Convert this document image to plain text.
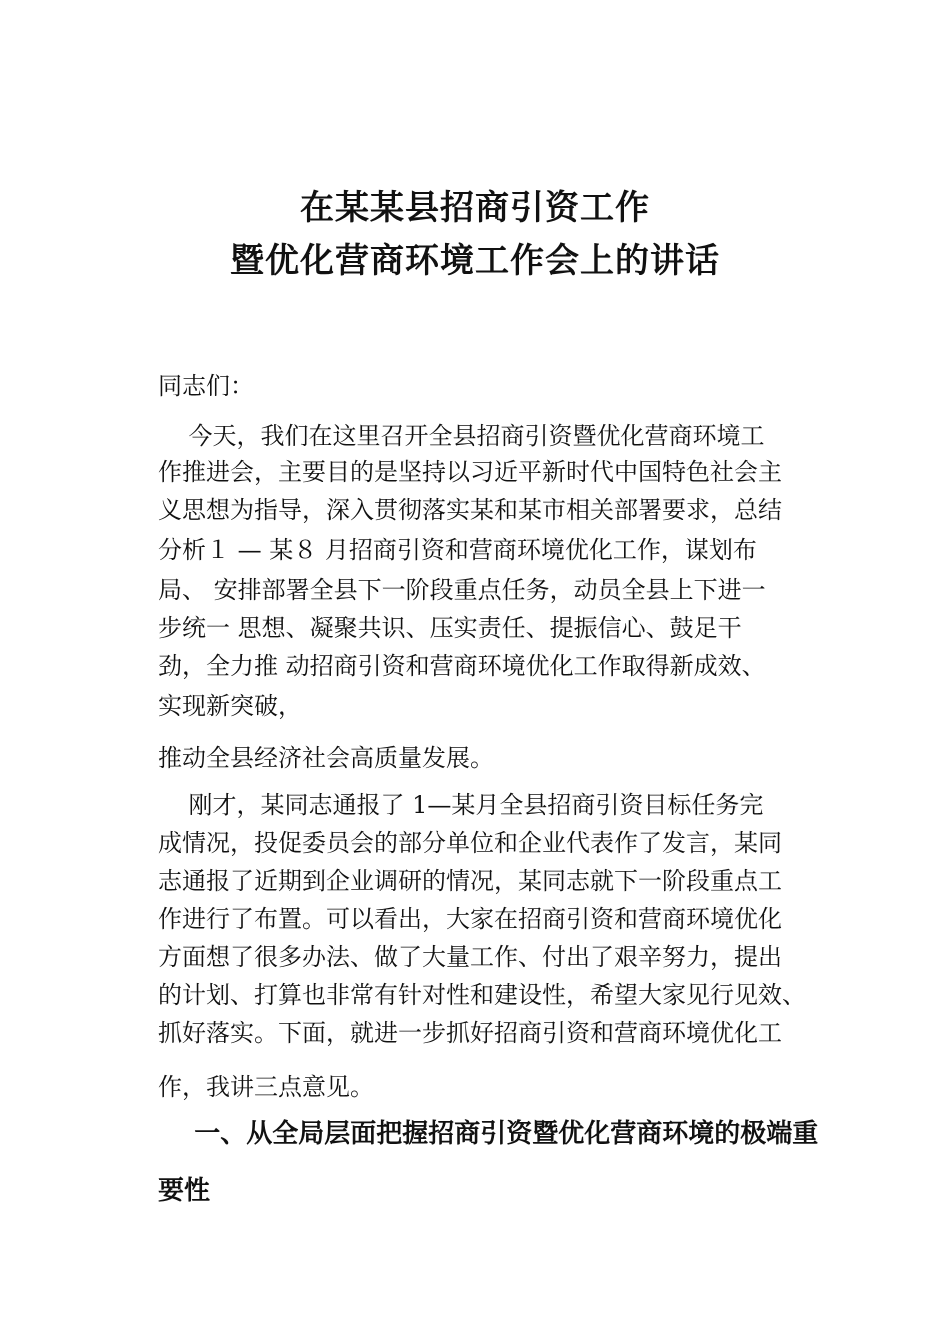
在某某县招商引资工作
暨优化营商环境工作会上的讲话

同志们：

今天，我们在这里召开全县招商引资暨优化营商环境工

作推进会，主要目的是坚持以习近平新时代中国特色社会主

义思想为指导，深入贯彻落实某和某市相关部署要求，总结

分析１ — 某８ 月招商引资和营商环境优化工作，谋划布

局、 安排部署全县下一阶段重点任务，动员全县上下进一

步统一 思想、凝聚共识、压实责任、提振信心、鼓足干

劲，全力推 动招商引资和营商环境优化工作取得新成效、

实现新突破，

推动全县经济社会高质量发展。

刚才，某同志通报了 1—某月全县招商引资目标任务完

成情况，投促委员会的部分单位和企业代表作了发言，某同

志通报了近期到企业调研的情况，某同志就下一阶段重点工

作进行了布置。可以看出，大家在招商引资和营商环境优化

方面想了很多办法、做了大量工作、付出了艰辛努力，提出

的计划、打算也非常有针对性和建设性，希望大家见行见效、

抓好落实。下面，就进一步抓好招商引资和营商环境优化工

作，我讲三点意见。

一、从全局层面把握招商引资暨优化营商环境的极端重

要性
